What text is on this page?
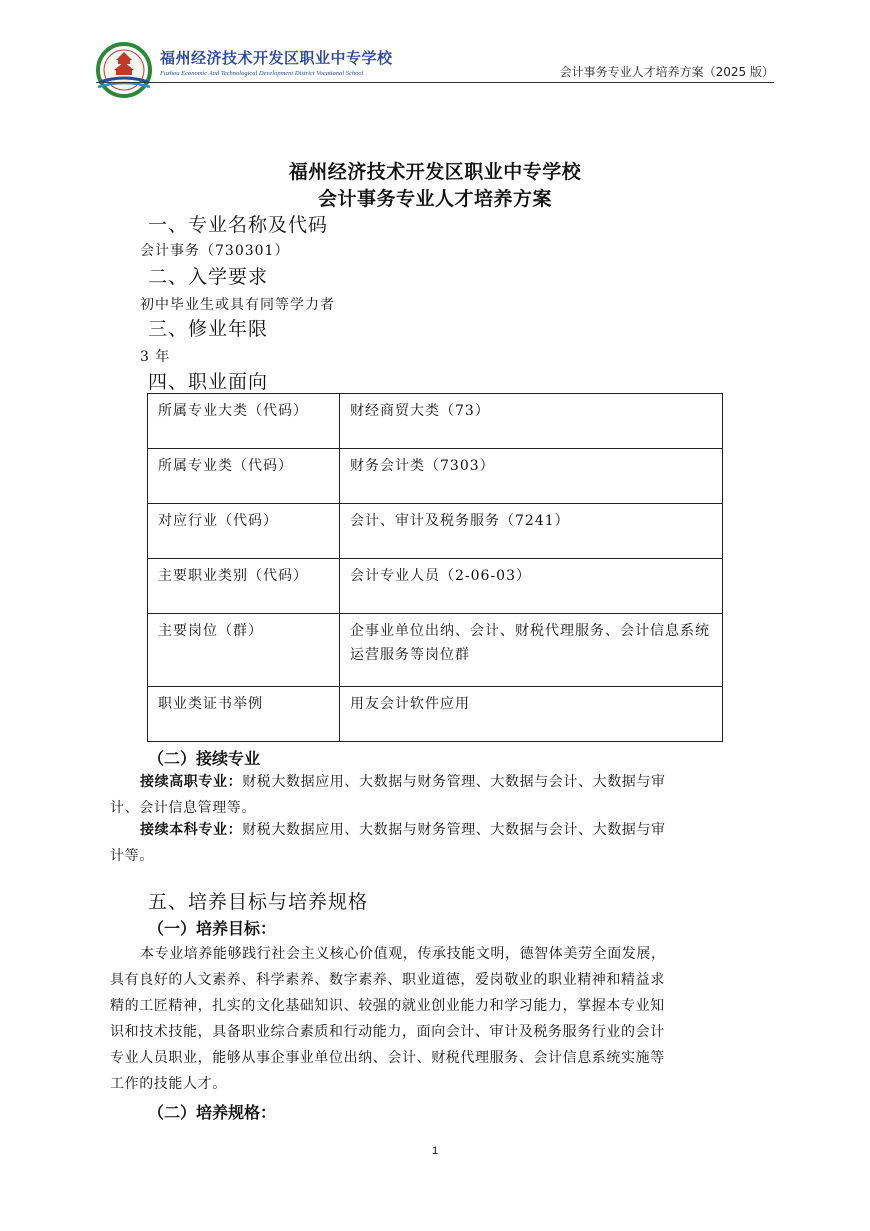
福州经济技术开发区职业中专学校
Fuzhou Economic And Technological Development District Vocational School	会计事务专业人才培养方案（2025 版）
福州经济技术开发区职业中专学校
会计事务专业人才培养方案
一、专业名称及代码
会计事务（730301）
二、入学要求
初中毕业生或具有同等学力者
三、修业年限
3 年
四、职业面向
所属专业大类（代码）	财经商贸大类（73）
所属专业类（代码）	财务会计类（7303）
对应行业（代码）	会计、审计及税务服务（7241）
主要职业类别（代码）	会计专业人员（2-06-03）
主要岗位（群）	企事业单位出纳、会计、财税代理服务、会计信息系统运营服务等岗位群
职业类证书举例	用友会计软件应用
（二）接续专业
接续高职专业：财税大数据应用、大数据与财务管理、大数据与会计、大数据与审
计、会计信息管理等。
接续本科专业：财税大数据应用、大数据与财务管理、大数据与会计、大数据与审
计等。
五、培养目标与培养规格
（一）培养目标：
本专业培养能够践行社会主义核心价值观，传承技能文明，德智体美劳全面发展，
具有良好的人文素养、科学素养、数字素养、职业道德，爱岗敬业的职业精神和精益求
精的工匠精神，扎实的文化基础知识、较强的就业创业能力和学习能力，掌握本专业知
识和技术技能，具备职业综合素质和行动能力，面向会计、审计及税务服务行业的会计
专业人员职业，能够从事企事业单位出纳、会计、财税代理服务、会计信息系统实施等
工作的技能人才。
（二）培养规格：
1
